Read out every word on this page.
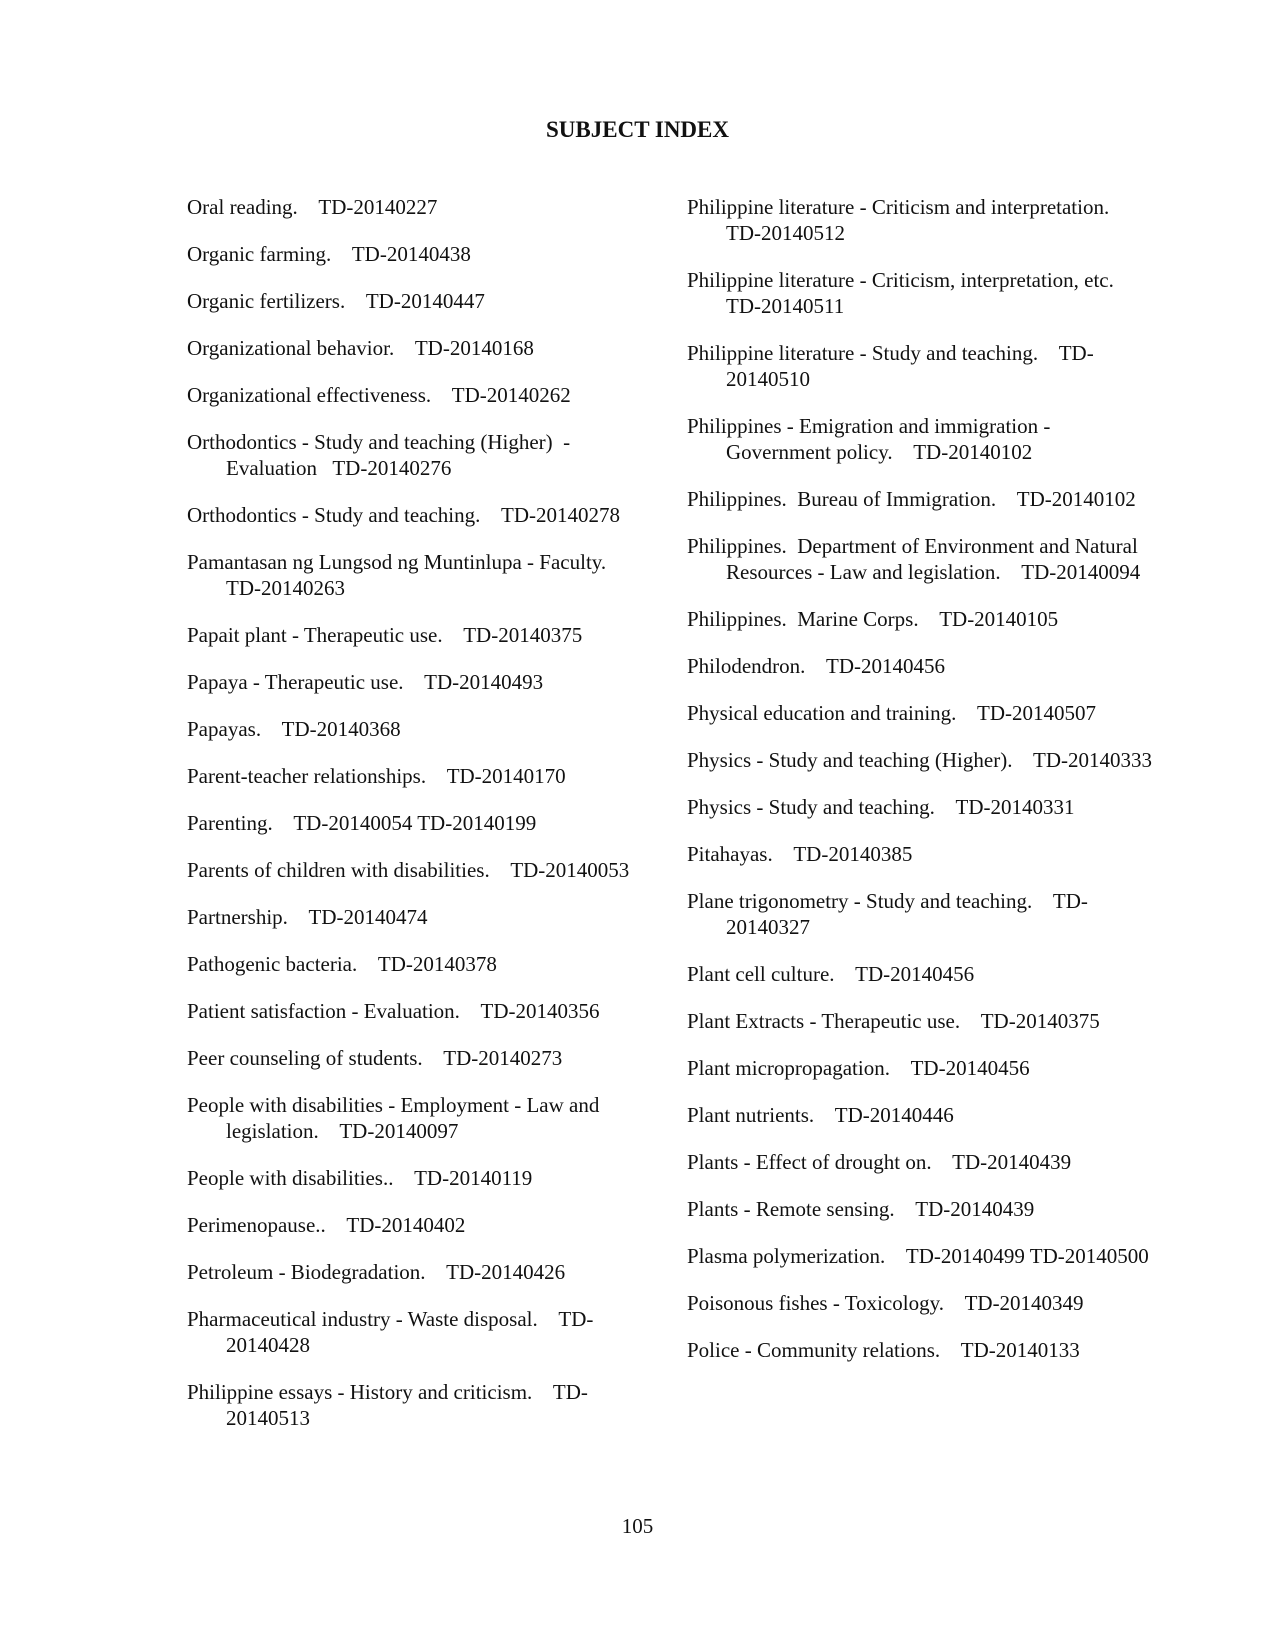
SUBJECT INDEX

Oral reading.    TD-20140227

Organic farming.    TD-20140438

Organic fertilizers.    TD-20140447

Organizational behavior.    TD-20140168

Organizational effectiveness.    TD-20140262

Orthodontics - Study and teaching (Higher)  - Evaluation   TD-20140276

Orthodontics - Study and teaching.    TD-20140278

Pamantasan ng Lungsod ng Muntinlupa - Faculty.    TD-20140263

Papait plant - Therapeutic use.    TD-20140375

Papaya - Therapeutic use.    TD-20140493

Papayas.    TD-20140368

Parent-teacher relationships.    TD-20140170

Parenting.    TD-20140054 TD-20140199

Parents of children with disabilities.    TD-20140053

Partnership.    TD-20140474

Pathogenic bacteria.    TD-20140378

Patient satisfaction - Evaluation.    TD-20140356

Peer counseling of students.    TD-20140273

People with disabilities - Employment - Law and legislation.    TD-20140097

People with disabilities..    TD-20140119

Perimenopause..    TD-20140402

Petroleum - Biodegradation.    TD-20140426

Pharmaceutical industry - Waste disposal.    TD-20140428

Philippine essays - History and criticism.    TD-20140513

Philippine literature - Criticism and interpretation.    TD-20140512

Philippine literature - Criticism, interpretation, etc.    TD-20140511

Philippine literature - Study and teaching.    TD-20140510

Philippines - Emigration and immigration - Government policy.    TD-20140102

Philippines.  Bureau of Immigration.    TD-20140102

Philippines.  Department of Environment and Natural Resources - Law and legislation.    TD-20140094

Philippines.  Marine Corps.    TD-20140105

Philodendron.    TD-20140456

Physical education and training.    TD-20140507

Physics - Study and teaching (Higher).    TD-20140333

Physics - Study and teaching.    TD-20140331

Pitahayas.    TD-20140385

Plane trigonometry - Study and teaching.    TD-20140327

Plant cell culture.    TD-20140456

Plant Extracts - Therapeutic use.    TD-20140375

Plant micropropagation.    TD-20140456

Plant nutrients.    TD-20140446

Plants - Effect of drought on.    TD-20140439

Plants - Remote sensing.    TD-20140439

Plasma polymerization.    TD-20140499 TD-20140500

Poisonous fishes - Toxicology.    TD-20140349

Police - Community relations.    TD-20140133

105
